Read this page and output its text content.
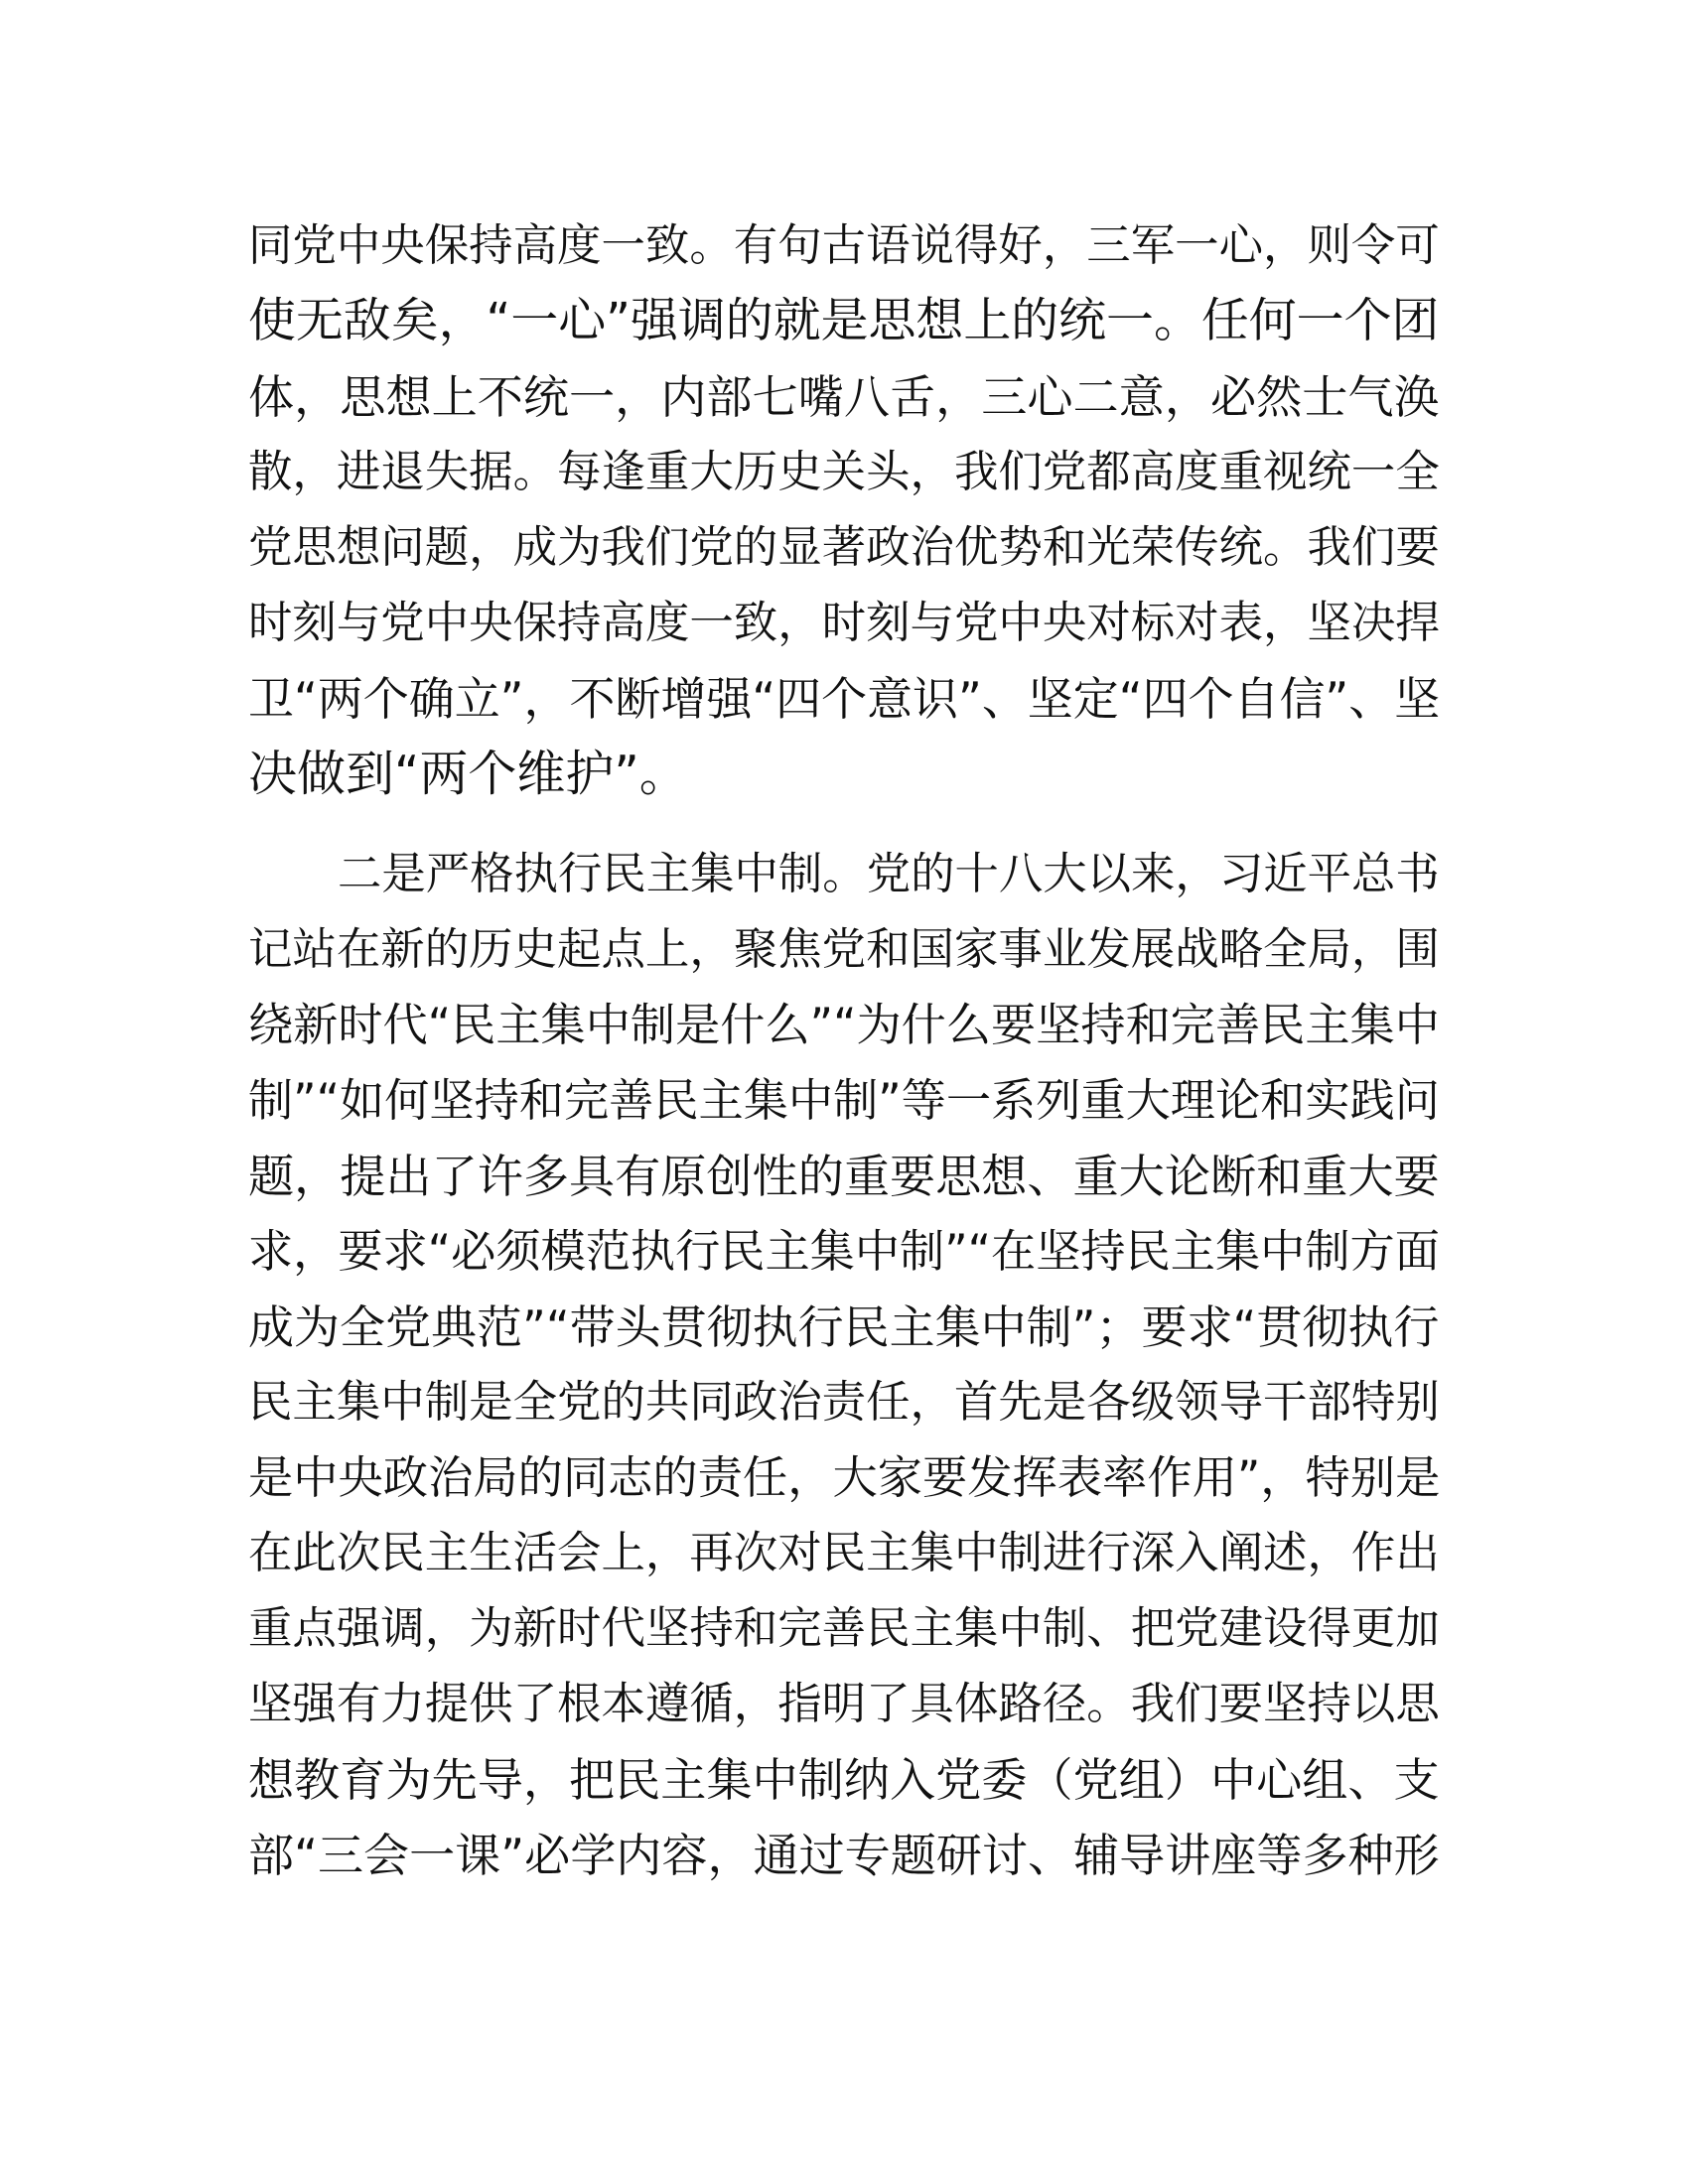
同党中央保持高度一致。有句古语说得好，三军一心，则令可
使无敌矣，“一心”强调的就是思想上的统一。任何一个团
体，思想上不统一，内部七嘴八舌，三心二意，必然士气涣
散，进退失据。每逢重大历史关头，我们党都高度重视统一全
党思想问题，成为我们党的显著政治优势和光荣传统。我们要
时刻与党中央保持高度一致，时刻与党中央对标对表，坚决捍
卫“两个确立”，不断增强“四个意识”、坚定“四个自信”、坚
决做到“两个维护”。
二是严格执行民主集中制。党的十八大以来，习近平总书
记站在新的历史起点上，聚焦党和国家事业发展战略全局，围
绕新时代“民主集中制是什么”“为什么要坚持和完善民主集中
制”“如何坚持和完善民主集中制”等一系列重大理论和实践问
题，提出了许多具有原创性的重要思想、重大论断和重大要
求，要求“必须模范执行民主集中制”“在坚持民主集中制方面
成为全党典范”“带头贯彻执行民主集中制”；要求“贯彻执行
民主集中制是全党的共同政治责任，首先是各级领导干部特别
是中央政治局的同志的责任，大家要发挥表率作用”，特别是
在此次民主生活会上，再次对民主集中制进行深入阐述，作出
重点强调，为新时代坚持和完善民主集中制、把党建设得更加
坚强有力提供了根本遵循，指明了具体路径。我们要坚持以思
想教育为先导，把民主集中制纳入党委（党组）中心组、支
部“三会一课”必学内容，通过专题研讨、辅导讲座等多种形
